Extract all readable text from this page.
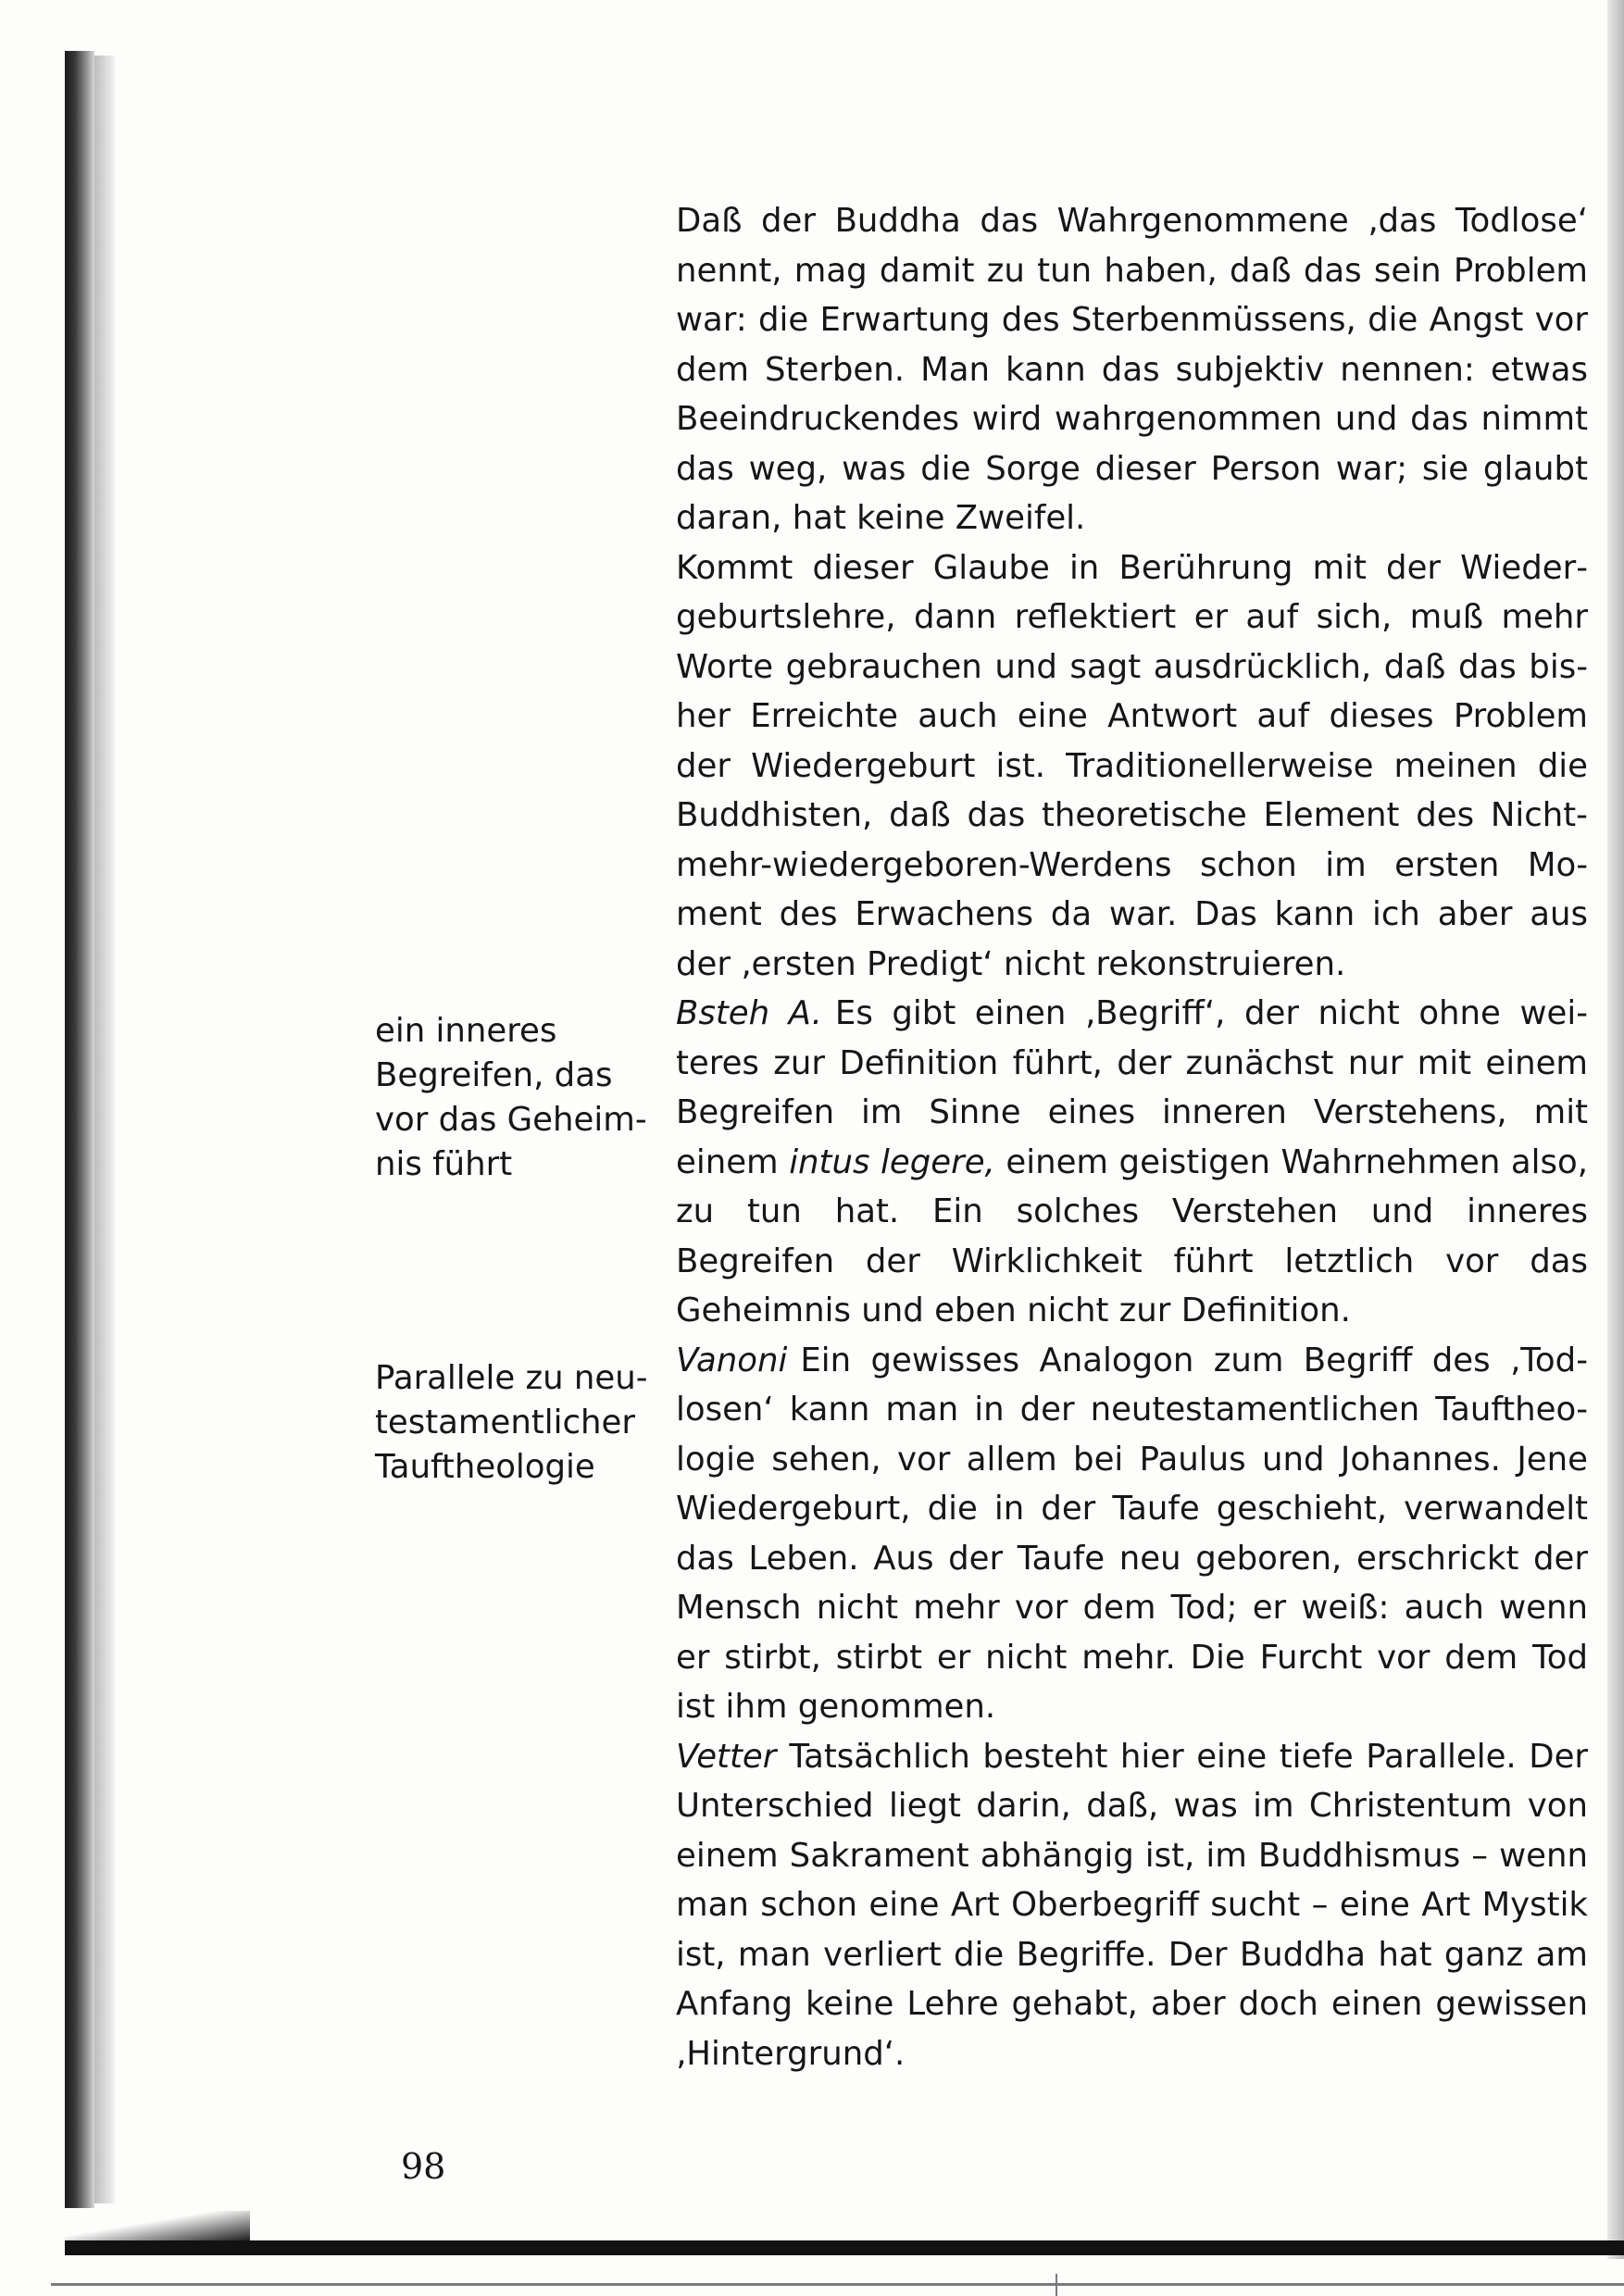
Daß der Buddha das Wahrgenommene ‚das Todlose‘ nennt, mag damit zu tun haben, daß das sein Problem war: die Erwartung des Sterbenmüssens, die Angst vor dem Sterben. Man kann das subjektiv nennen: etwas Beeindruckendes wird wahrgenommen und das nimmt das weg, was die Sorge dieser Person war; sie glaubt daran, hat keine Zweifel.

Kommt dieser Glaube in Berührung mit der Wiedergeburtslehre, dann reflektiert er auf sich, muß mehr Worte gebrauchen und sagt ausdrücklich, daß das bisher Erreichte auch eine Antwort auf dieses Problem der Wiedergeburt ist. Traditionellerweise meinen die Buddhisten, daß das theoretische Element des Nicht-mehr-wiedergeboren-Werdens schon im ersten Moment des Erwachens da war. Das kann ich aber aus der ‚ersten Predigt‘ nicht rekonstruieren.

Bsteh A. Es gibt einen ‚Begriff‘, der nicht ohne weiteres zur Definition führt, der zunächst nur mit einem Begreifen im Sinne eines inneren Verstehens, mit einem intus legere, einem geistigen Wahrnehmen also, zu tun hat. Ein solches Verstehen und inneres Begreifen der Wirklichkeit führt letztlich vor das Geheimnis und eben nicht zur Definition.

Vanoni Ein gewisses Analogon zum Begriff des ‚Todlosen‘ kann man in der neutestamentlichen Tauftheologie sehen, vor allem bei Paulus und Johannes. Jene Wiedergeburt, die in der Taufe geschieht, verwandelt das Leben. Aus der Taufe neu geboren, erschrickt der Mensch nicht mehr vor dem Tod; er weiß: auch wenn er stirbt, stirbt er nicht mehr. Die Furcht vor dem Tod ist ihm genommen.

Vetter Tatsächlich besteht hier eine tiefe Parallele. Der Unterschied liegt darin, daß, was im Christentum von einem Sakrament abhängig ist, im Buddhismus – wenn man schon eine Art Oberbegriff sucht – eine Art Mystik ist, man verliert die Begriffe. Der Buddha hat ganz am Anfang keine Lehre gehabt, aber doch einen gewissen ‚Hintergrund‘.

ein inneres Begreifen, das vor das Geheimnis führt

Parallele zu neutestamentlicher Tauftheologie

98
